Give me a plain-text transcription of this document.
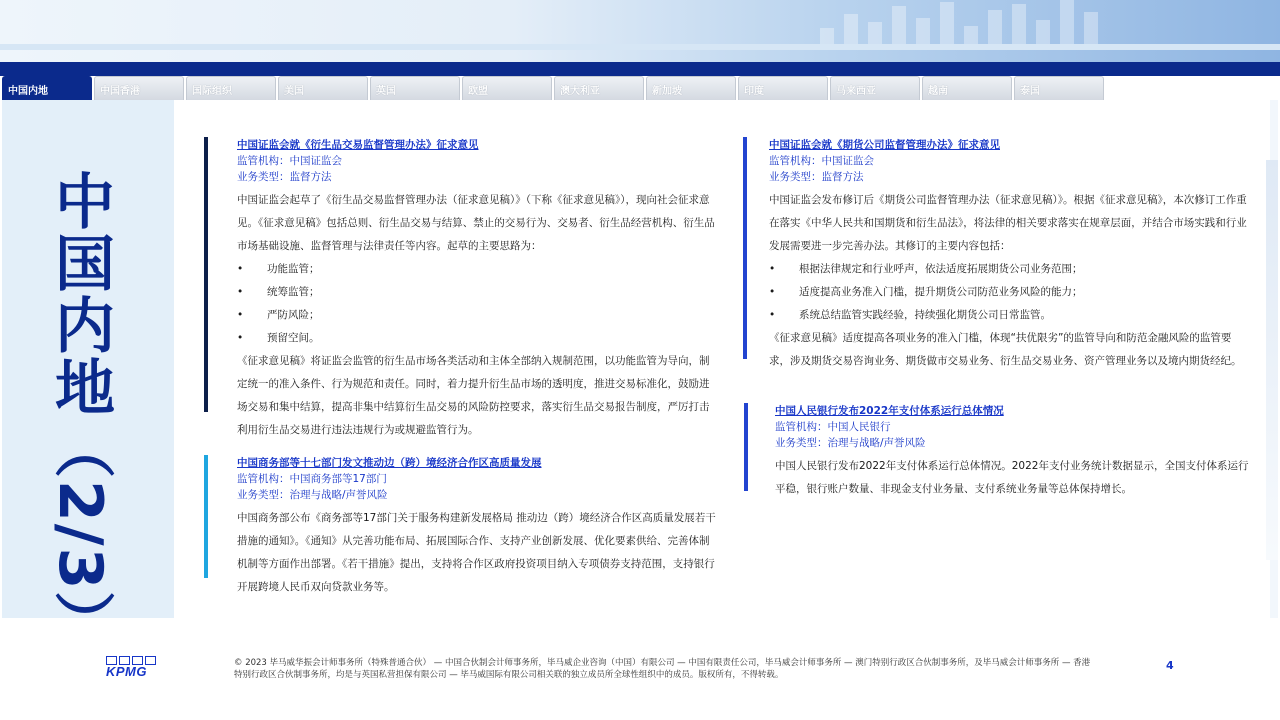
中国内地	中国香港	国际组织	美国	英国	欧盟	澳大利亚	新加坡	印度	马来西亚	越南	泰国
中国内地（2/3）
中国证监会就《衍生品交易监督管理办法》征求意见
监管机构：中国证监会
业务类型：监督方法
中国证监会起草了《衍生品交易监督管理办法（征求意见稿）》（下称《征求意见稿》），现向社会征求意见。《征求意见稿》包括总则、衍生品交易与结算、禁止的交易行为、交易者、衍生品经营机构、衍生品市场基础设施、监督管理与法律责任等内容。起草的主要思路为：
• 功能监管；
• 统筹监管；
• 严防风险；
• 预留空间。
《征求意见稿》将证监会监管的衍生品市场各类活动和主体全部纳入规制范围，以功能监管为导向，制定统一的准入条件、行为规范和责任。同时，着力提升衍生品市场的透明度，推进交易标准化，鼓励进场交易和集中结算，提高非集中结算衍生品交易的风险防控要求，落实衍生品交易报告制度，严厉打击利用衍生品交易进行违法违规行为或规避监管行为。
中国商务部等十七部门发文推动边（跨）境经济合作区高质量发展
监管机构：中国商务部等17部门
业务类型：治理与战略/声誉风险
中国商务部公布《商务部等17部门关于服务构建新发展格局 推动边（跨）境经济合作区高质量发展若干措施的通知》。《通知》从完善功能布局、拓展国际合作、支持产业创新发展、优化要素供给、完善体制机制等方面作出部署。《若干措施》提出，支持将合作区政府投资项目纳入专项债券支持范围，支持银行开展跨境人民币双向贷款业务等。
中国证监会就《期货公司监督管理办法》征求意见
监管机构：中国证监会
业务类型：监督方法
中国证监会发布修订后《期货公司监督管理办法（征求意见稿）》。根据《征求意见稿》，本次修订工作重在落实《中华人民共和国期货和衍生品法》，将法律的相关要求落实在规章层面，并结合市场实践和行业发展需要进一步完善办法。其修订的主要内容包括：
• 根据法律规定和行业呼声，依法适度拓展期货公司业务范围；
• 适度提高业务准入门槛，提升期货公司防范业务风险的能力；
• 系统总结监管实践经验，持续强化期货公司日常监管。
《征求意见稿》适度提高各项业务的准入门槛，体现“扶优限劣”的监管导向和防范金融风险的监管要求，涉及期货交易咨询业务、期货做市交易业务、衍生品交易业务、资产管理业务以及境内期货经纪。
中国人民银行发布2022年支付体系运行总体情况
监管机构：中国人民银行
业务类型：治理与战略/声誉风险
中国人民银行发布2022年支付体系运行总体情况。2022年支付业务统计数据显示，全国支付体系运行平稳，银行账户数量、非现金支付业务量、支付系统业务量等总体保持增长。
KPMG
© 2023 毕马威华振会计师事务所（特殊普通合伙） — 中国合伙制会计师事务所，毕马威企业咨询（中国）有限公司 — 中国有限责任公司，毕马威会计师事务所 — 澳门特别行政区合伙制事务所，及毕马威会计师事务所 — 香港特别行政区合伙制事务所，均是与英国私营担保有限公司 — 毕马威国际有限公司相关联的独立成员所全球性组织中的成员。版权所有，不得转载。
4
